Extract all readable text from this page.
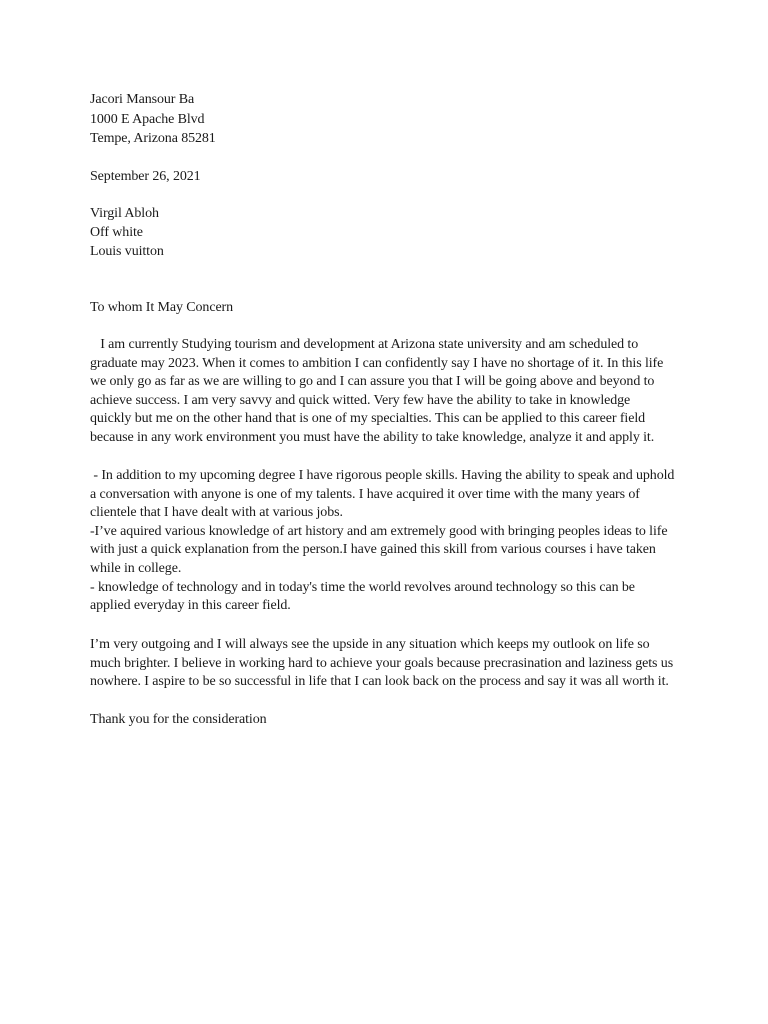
Jacori Mansour Ba
1000 E Apache Blvd
Tempe, Arizona 85281
September 26, 2021
Virgil Abloh
Off white
Louis vuitton
To whom It May Concern
I am currently Studying tourism and development at Arizona state university and am scheduled to
graduate may 2023. When it comes to ambition I can confidently say I have no shortage of it. In this life
we only go as far as we are willing to go and I can assure you that I will be going above and beyond to
achieve success. I am very savvy and quick witted. Very few have the ability to take in knowledge
quickly but me on the other hand that is one of my specialties. This can be applied to this career field
because in any work environment you must have the ability to take knowledge, analyze it and apply it.
- In addition to my upcoming degree I have rigorous people skills. Having the ability to speak and uphold
a conversation with anyone is one of my talents. I have acquired it over time with the many years of
clientele that I have dealt with at various jobs.
-I’ve aquired various knowledge of art history and am extremely good with bringing peoples ideas to life
with just a quick explanation from the person.I have gained this skill from various courses i have taken
while in college.
- knowledge of technology and in today's time the world revolves around technology so this can be
applied everyday in this career field.
I’m very outgoing and I will always see the upside in any situation which keeps my outlook on life so
much brighter. I believe in working hard to achieve your goals because precrasination and laziness gets us
nowhere. I aspire to be so successful in life that I can look back on the process and say it was all worth it.
Thank you for the consideration
